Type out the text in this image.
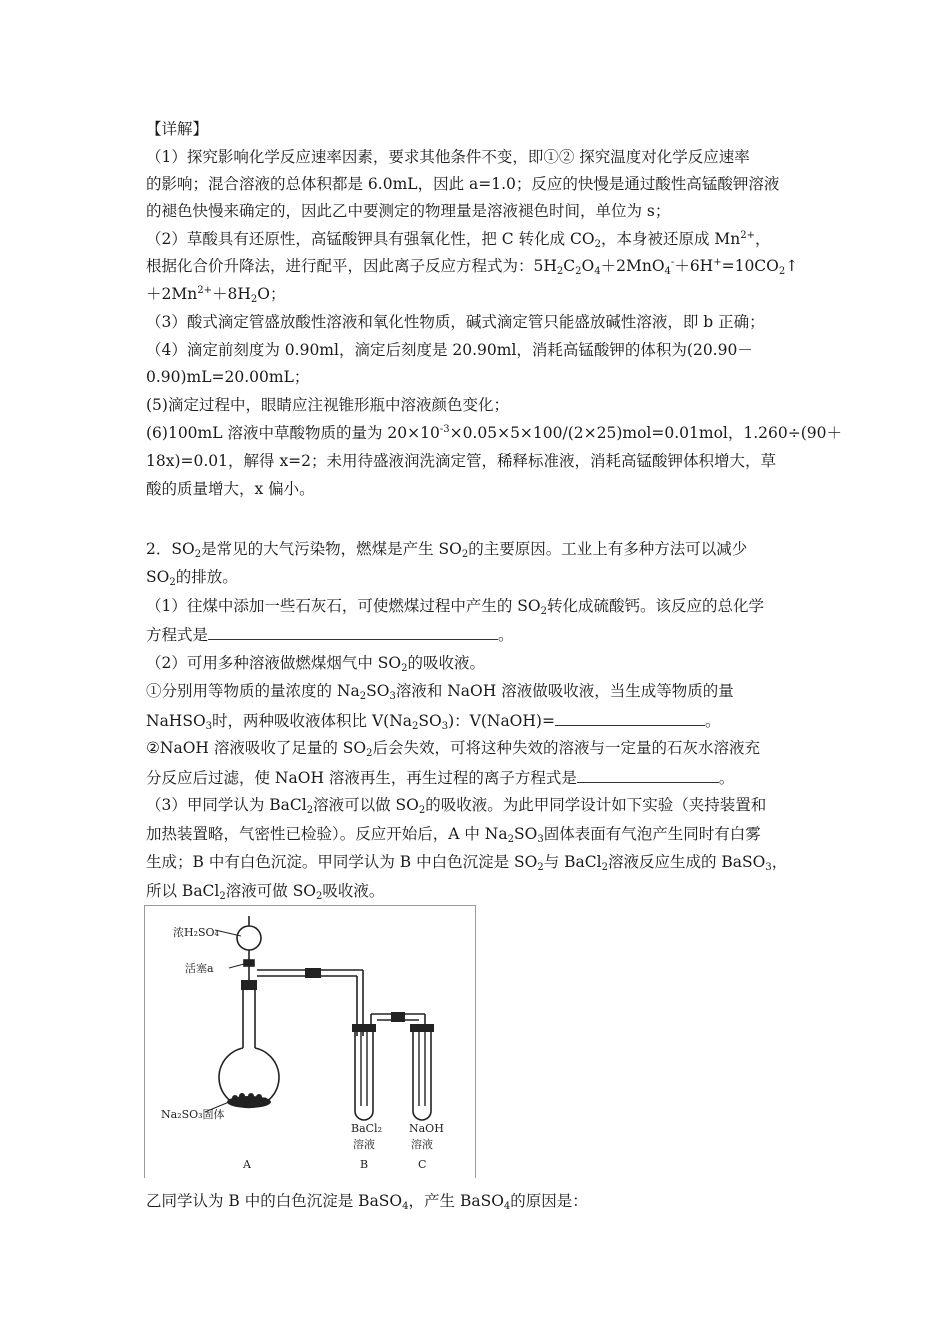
【详解】
（1）探究影响化学反应速率因素，要求其他条件不变，即①② 探究温度对化学反应速率
的影响；混合溶液的总体积都是 6.0mL，因此 a=1.0；反应的快慢是通过酸性高锰酸钾溶液
的褪色快慢来确定的，因此乙中要测定的物理量是溶液褪色时间，单位为 s；
（2）草酸具有还原性，高锰酸钾具有强氧化性，把 C 转化成 $CO_2$，本身被还原成 $Mn^{2+}$，
根据化合价升降法，进行配平，因此离子反应方程式为：$5H_2C_2O_4+2MnO_4^-+6H^+=10CO_2↑$
$+2Mn^{2+}+8H_2O$；
（3）酸式滴定管盛放酸性溶液和氧化性物质，碱式滴定管只能盛放碱性溶液，即 b 正确；
（4）滴定前刻度为 0.90ml，滴定后刻度是 20.90ml，消耗高锰酸钾的体积为(20.90－
0.90)mL=20.00mL；
(5)滴定过程中，眼睛应注视锥形瓶中溶液颜色变化；
(6)100mL 溶液中草酸物质的量为 $20\times 10^{-3}\times 0.05\times 5\times 100/(2\times 25)mol=0.01mol$，1.260÷(90＋
18x)=0.01，解得 x=2；未用待盛液润洗滴定管，稀释标准液，消耗高锰酸钾体积增大，草
酸的质量增大，x 偏小。
2．$SO_2$是常见的大气污染物，燃煤是产生 $SO_2$的主要原因。工业上有多种方法可以减少
$SO_2$的排放。
（1）往煤中添加一些石灰石，可使燃煤过程中产生的 $SO_2$转化成硫酸钙。该反应的总化学
方程式是	。
（2）可用多种溶液做燃煤烟气中 $SO_2$的吸收液。
①分别用等物质的量浓度的 $Na_2SO_3$溶液和 NaOH 溶液做吸收液，当生成等物质的量
NaHSO$_3$时，两种吸收液体积比 $V(Na_2SO_3)$：V(NaOH)=	。
②NaOH 溶液吸收了足量的 $SO_2$后会失效，可将这种失效的溶液与一定量的石灰水溶液充
分反应后过滤，使 NaOH 溶液再生，再生过程的离子方程式是	。
（3）甲同学认为 BaCl$_2$溶液可以做 $SO_2$的吸收液。为此甲同学设计如下实验（夹持装置和
加热装置略，气密性已检验）。反应开始后，A 中 $Na_2SO_3$固体表面有气泡产生同时有白雾
生成；B 中有白色沉淀。甲同学认为 B 中白色沉淀是 $SO_2$与 BaCl$_2$溶液反应生成的 BaSO$_3$，
所以 BaCl$_2$溶液可做 $SO_2$吸收液。
浓H₂SO₄
活塞a
Na₂SO₃固体
BaCl₂
溶液
NaOH
溶液
A	B	C
乙同学认为 B 中的白色沉淀是 BaSO$_4$，产生 BaSO$_4$的原因是：
